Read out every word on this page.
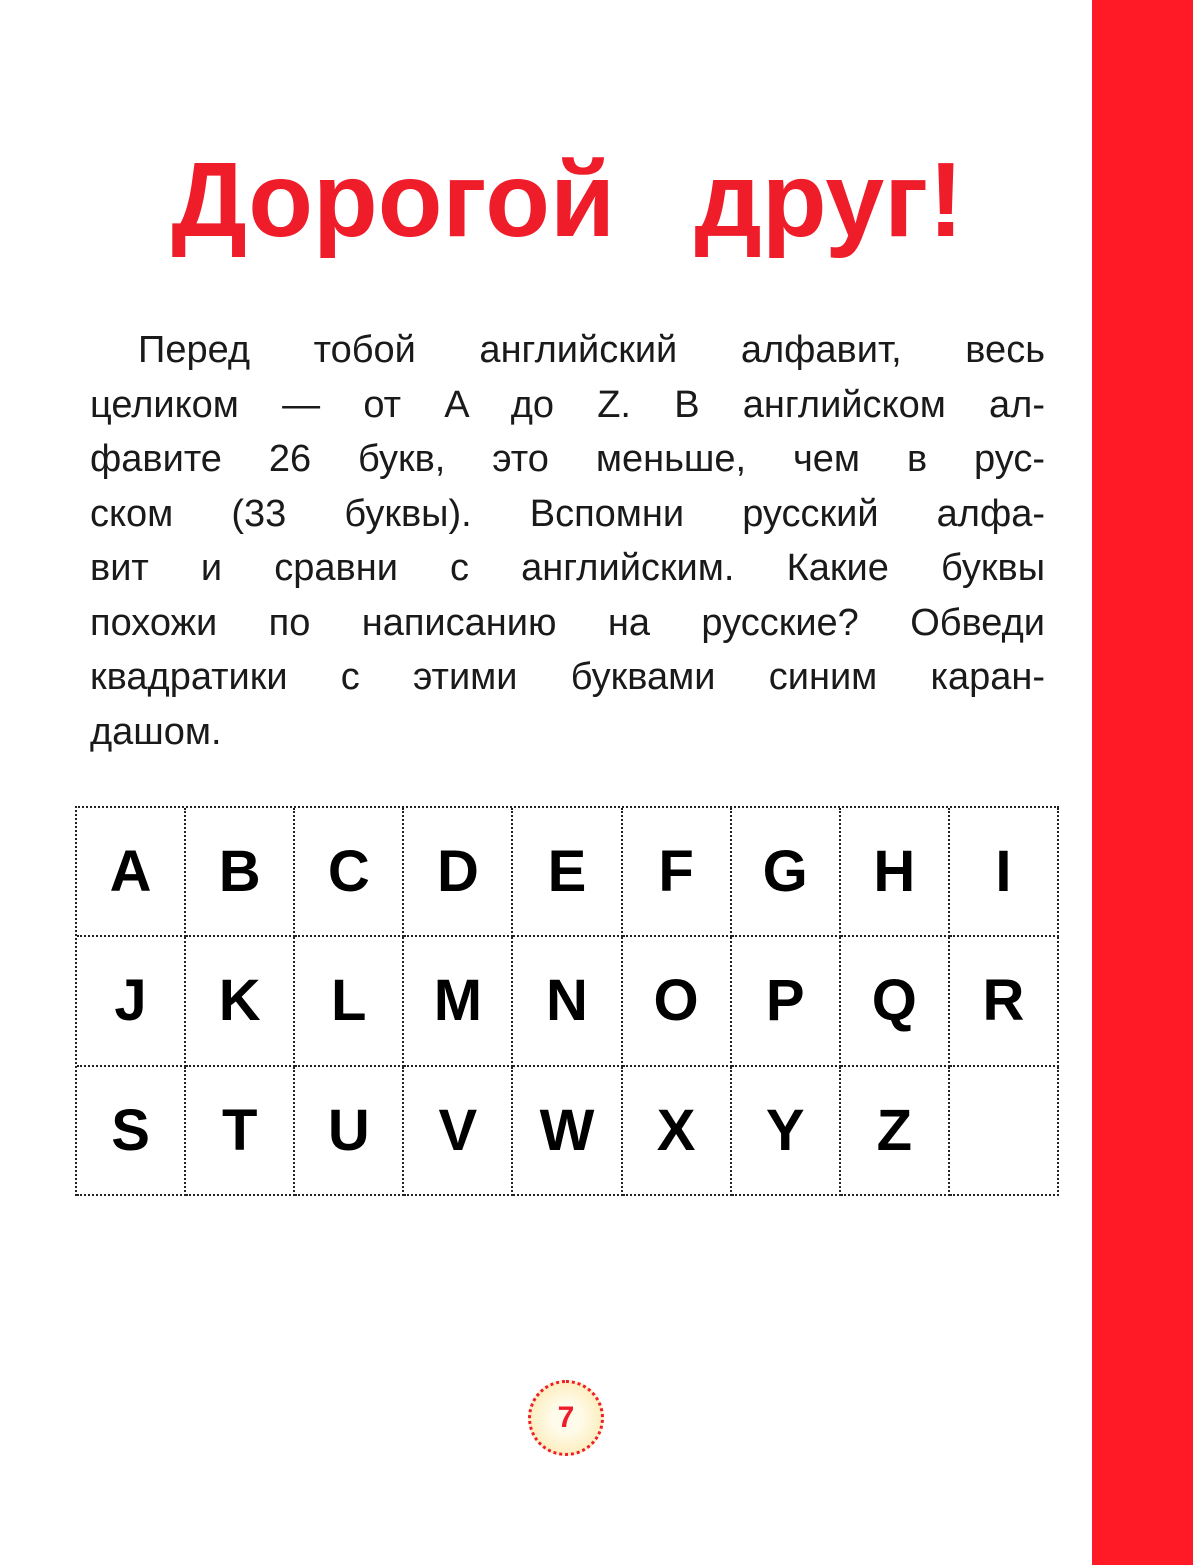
Дорогой друг!
Перед тобой английский алфавит, весь
целиком — от A до Z. В английском ал-
фавите 26 букв, это меньше, чем в рус-
ском (33 буквы). Вспомни русский алфа-
вит и сравни с английским. Какие буквы
похожи по написанию на русские? Обведи
квадратики с этими буквами синим каран-
дашом.
A	B	C	D	E	F	G	H	I
J	K	L	M	N	O	P	Q	R
S	T	U	V	W	X	Y	Z
7
